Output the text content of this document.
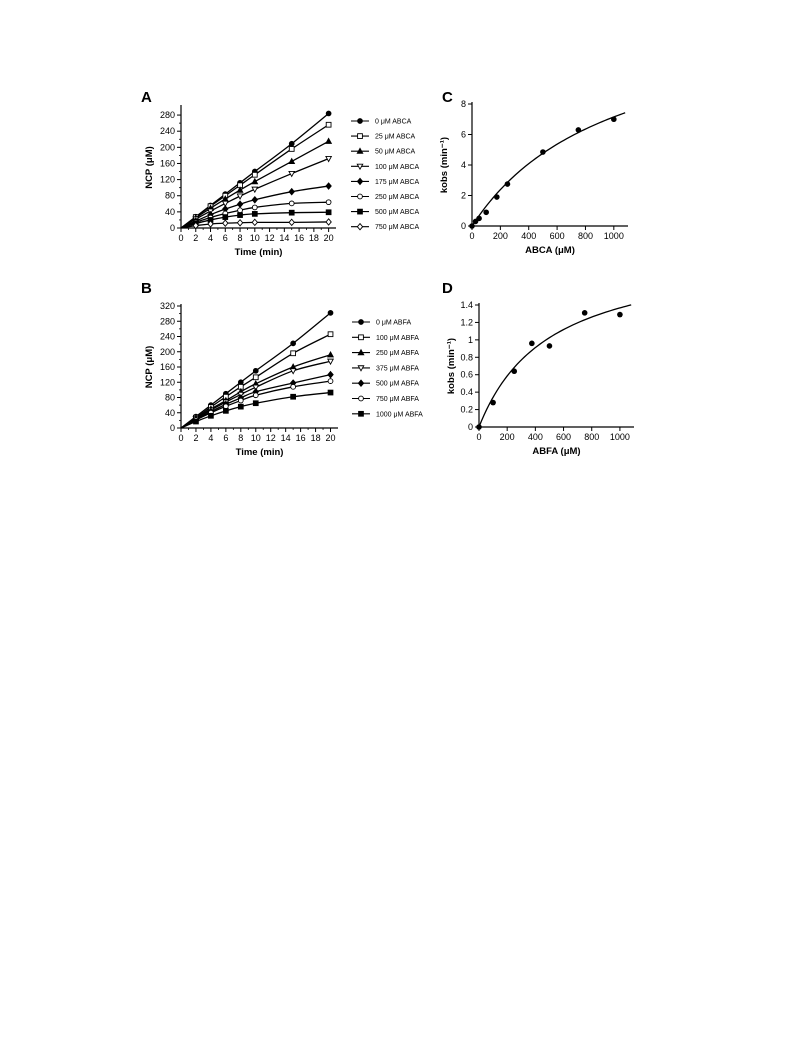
A
0
40
80
120
160
200
240
280
0 2 4 6 8 10 12 14 16 18 20
Time (min)
NCP (μM)
0 μM ABCA
25 μM ABCA
50 μM ABCA
100 μM ABCA
175 μM ABCA
250 μM ABCA
500 μM ABCA
750 μM ABCA
B
0
40
80
120
160
200
240
280
320
0 2 4 6 8 10 12 14 16 18 20
Time (min)
NCP (μM)
0 μM ABFA
100 μM ABFA
250 μM ABFA
375 μM ABFA
500 μM ABFA
750 μM ABFA
1000 μM ABFA
C
0
2
4
6
8
0 200 400 600 800 1000
ABCA (μM)
kobs (min⁻¹)
D
0
0.2
0.4
0.6
0.8
1
1.2
1.4
0 200 400 600 800 1000
ABFA (μM)
kobs (min⁻¹)
